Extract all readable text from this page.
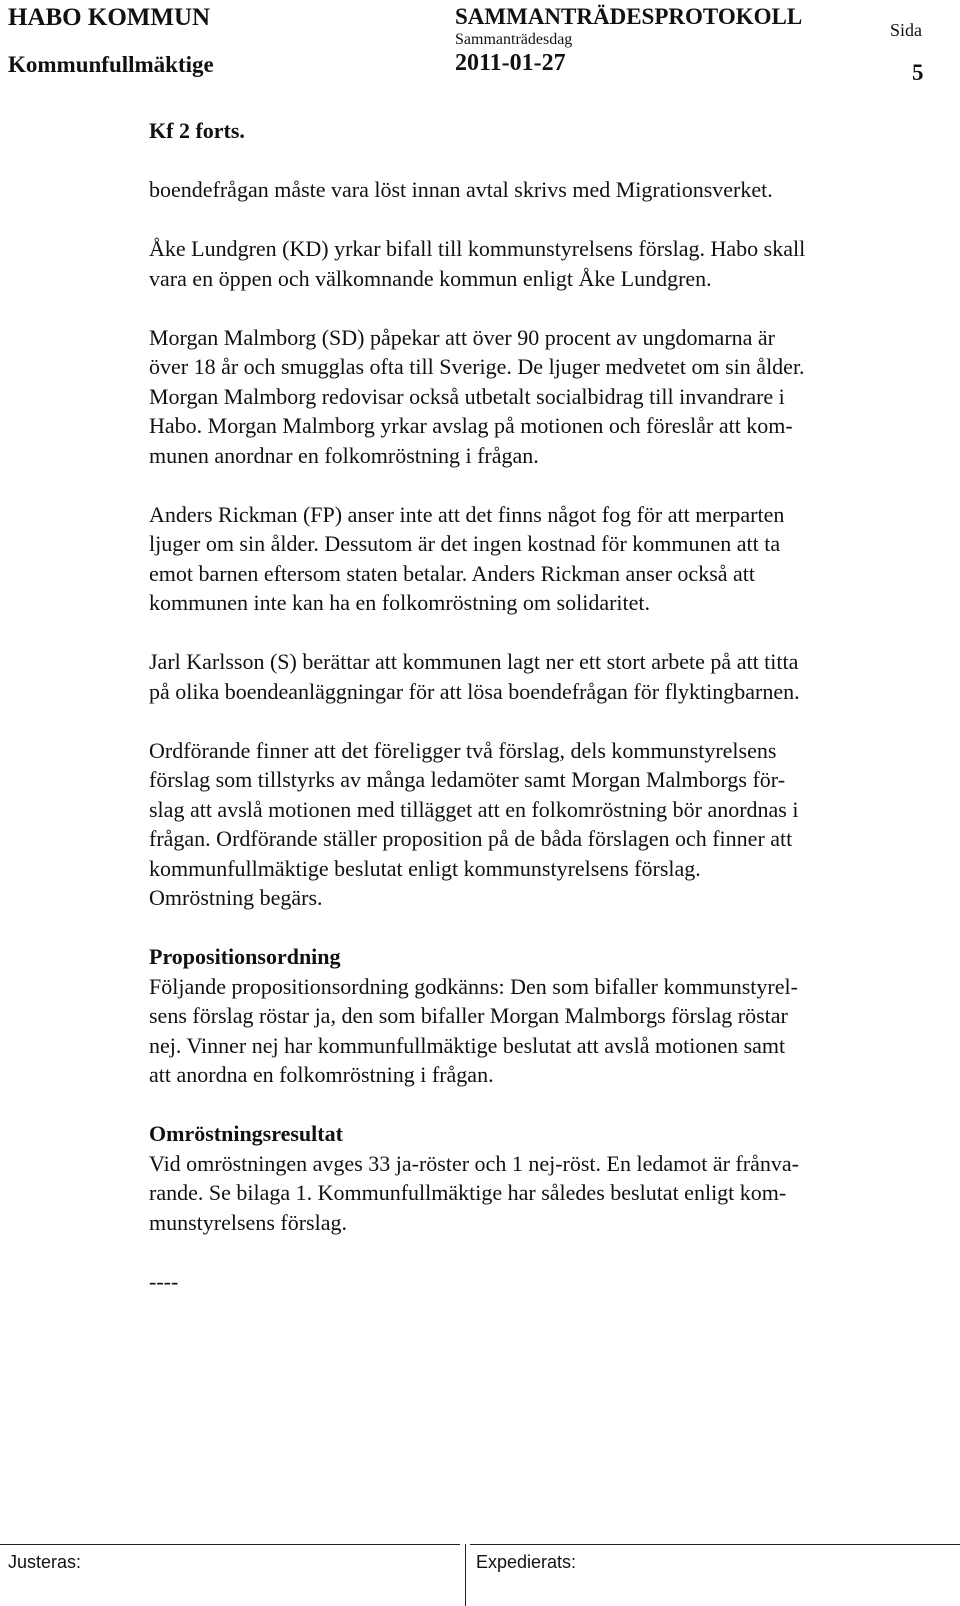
HABO KOMMUN
Kommunfullmäktige
SAMMANTRÄDESPROTOKOLL
Sammanträdesdag
2011-01-27
Sida
5

Kf 2 forts.

boendefrågan måste vara löst innan avtal skrivs med Migrationsverket.

Åke Lundgren (KD) yrkar bifall till kommunstyrelsens förslag. Habo skall
vara en öppen och välkomnande kommun enligt Åke Lundgren.

Morgan Malmborg (SD) påpekar att över 90 procent av ungdomarna är
över 18 år och smugglas ofta till Sverige. De ljuger medvetet om sin ålder.
Morgan Malmborg redovisar också utbetalt socialbidrag till invandrare i
Habo. Morgan Malmborg yrkar avslag på motionen och föreslår att kom-
munen anordnar en folkomröstning i frågan.

Anders Rickman (FP) anser inte att det finns något fog för att merparten
ljuger om sin ålder. Dessutom är det ingen kostnad för kommunen att ta
emot barnen eftersom staten betalar. Anders Rickman anser också att
kommunen inte kan ha en folkomröstning om solidaritet.

Jarl Karlsson (S) berättar att kommunen lagt ner ett stort arbete på att titta
på olika boendeanläggningar för att lösa boendefrågan för flyktingbarnen.

Ordförande finner att det föreligger två förslag, dels kommunstyrelsens
förslag som tillstyrks av många ledamöter samt Morgan Malmborgs för-
slag att avslå motionen med tillägget att en folkomröstning bör anordnas i
frågan. Ordförande ställer proposition på de båda förslagen och finner att
kommunfullmäktige beslutat enligt kommunstyrelsens förslag.
Omröstning begärs.

Propositionsordning

Följande propositionsordning godkänns: Den som bifaller kommunstyrel-
sens förslag röstar ja, den som bifaller Morgan Malmborgs förslag röstar
nej. Vinner nej har kommunfullmäktige beslutat att avslå motionen samt
att anordna en folkomröstning i frågan.

Omröstningsresultat

Vid omröstningen avges 33 ja-röster och 1 nej-röst. En ledamot är frånva-
rande. Se bilaga 1. Kommunfullmäktige har således beslutat enligt kom-
munstyrelsens förslag.

----

Justeras:	Expedierats:
